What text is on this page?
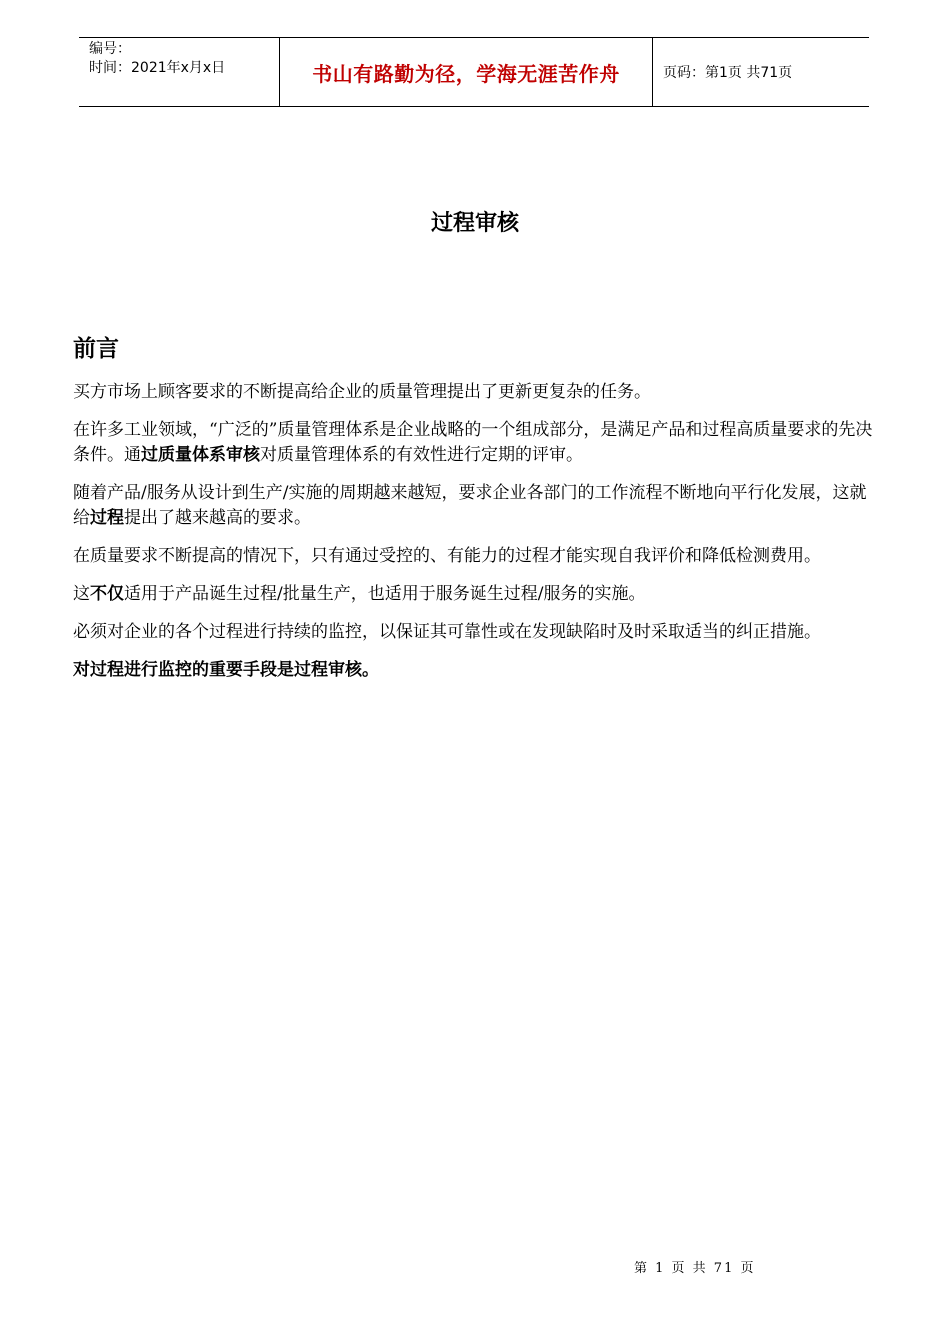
编号：
时间：2021年x月x日	书山有路勤为径，学海无涯苦作舟	页码：第1页 共71页
过程审核
前言

买方市场上顾客要求的不断提高给企业的质量管理提出了更新更复杂的任务。

在许多工业领域，“广泛的”质量管理体系是企业战略的一个组成部分，是满足产品和过程高质量要求的先决条件。通过质量体系审核对质量管理体系的有效性进行定期的评审。

随着产品/服务从设计到生产/实施的周期越来越短，要求企业各部门的工作流程不断地向平行化发展，这就给过程提出了越来越高的要求。

在质量要求不断提高的情况下，只有通过受控的、有能力的过程才能实现自我评价和降低检测费用。

这不仅适用于产品诞生过程/批量生产，也适用于服务诞生过程/服务的实施。

必须对企业的各个过程进行持续的监控，以保证其可靠性或在发现缺陷时及时采取适当的纠正措施。

对过程进行监控的重要手段是过程审核。

第 1 页 共 71 页
